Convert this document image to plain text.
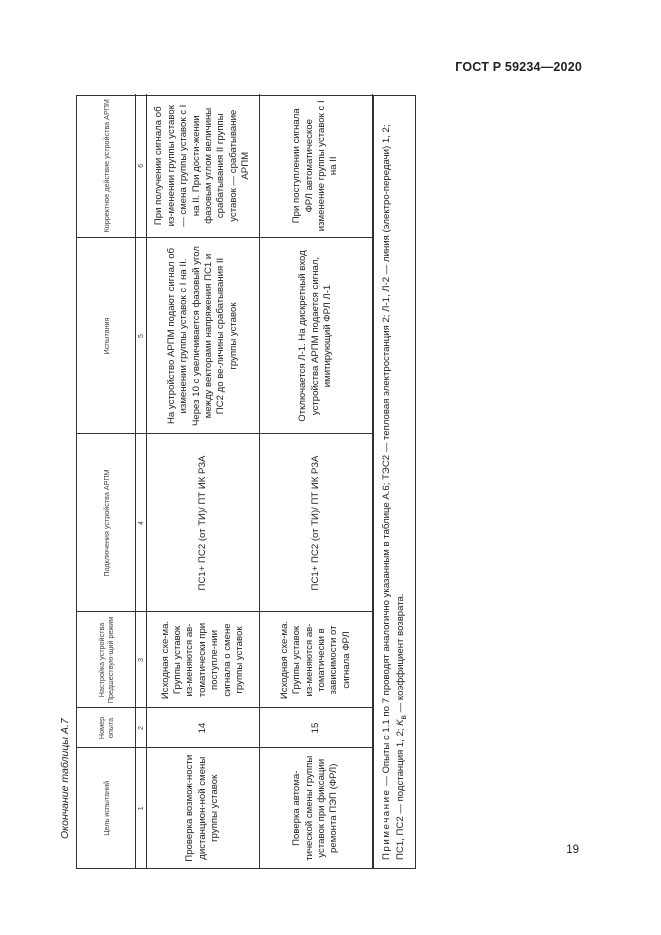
ГОСТ Р 59234—2020
Окончание таблицы А.7	Цель испытаний	Номер опыта	Настройка устройства Предшествую-щий режим	Подключения устройства АРПМ	Испытания	Корректное действие устройства АРПМ
1	2	3	4	5	6
Проверка возмож-ности дистанцион-ной смены группы уставок	14	Исходная схе-ма. Группы уставок из-меняются ав-томатически при поступле-нии сигнала о смене группы уставок	ПС1+ ПС2 (от ТИ)/ ПТ ИК РЗА	На устройство АРПМ подают сигнал об изменении группы уставок с I на II. Через 10 с увеличивается фазовый угол между векторами напряжения ПС1 и ПС2 до ве-личины срабатывания II группы уставок	При получении сигнала об из-менении группы уставок — смена группы уставок с I на II. При дости-жении фазовым углом величины срабатывания II группы уставок — срабатывание АРПМ
Поверка автома-тической смены группы уставок при фиксации ремонта ПЭП (ФРЛ)	15	Исходная схе-ма. Группы уставок из-меняются ав-томатически в зависимости от сигнала ФРЛ	ПС1+ ПС2 (от ТИ)/ ПТ ИК РЗА	Отключается Л-1. На дискретный вход устройства АРПМ подается сигнал, имитирующий ФРЛ Л-1	При поступлении сигнала ФРЛ автоматическое изменение группы уставок с I на II
Примечание — Опыты с 1.1 по 7 проводят аналогично указанным в таблице А.6; ТЭС2 — тепловая электростанция 2; Л-1, Л-2 — линия (электро-передачи) 1, 2; ПС1, ПС2 — подстанция 1, 2; $K_в$ — коэффициент возврата.
19
